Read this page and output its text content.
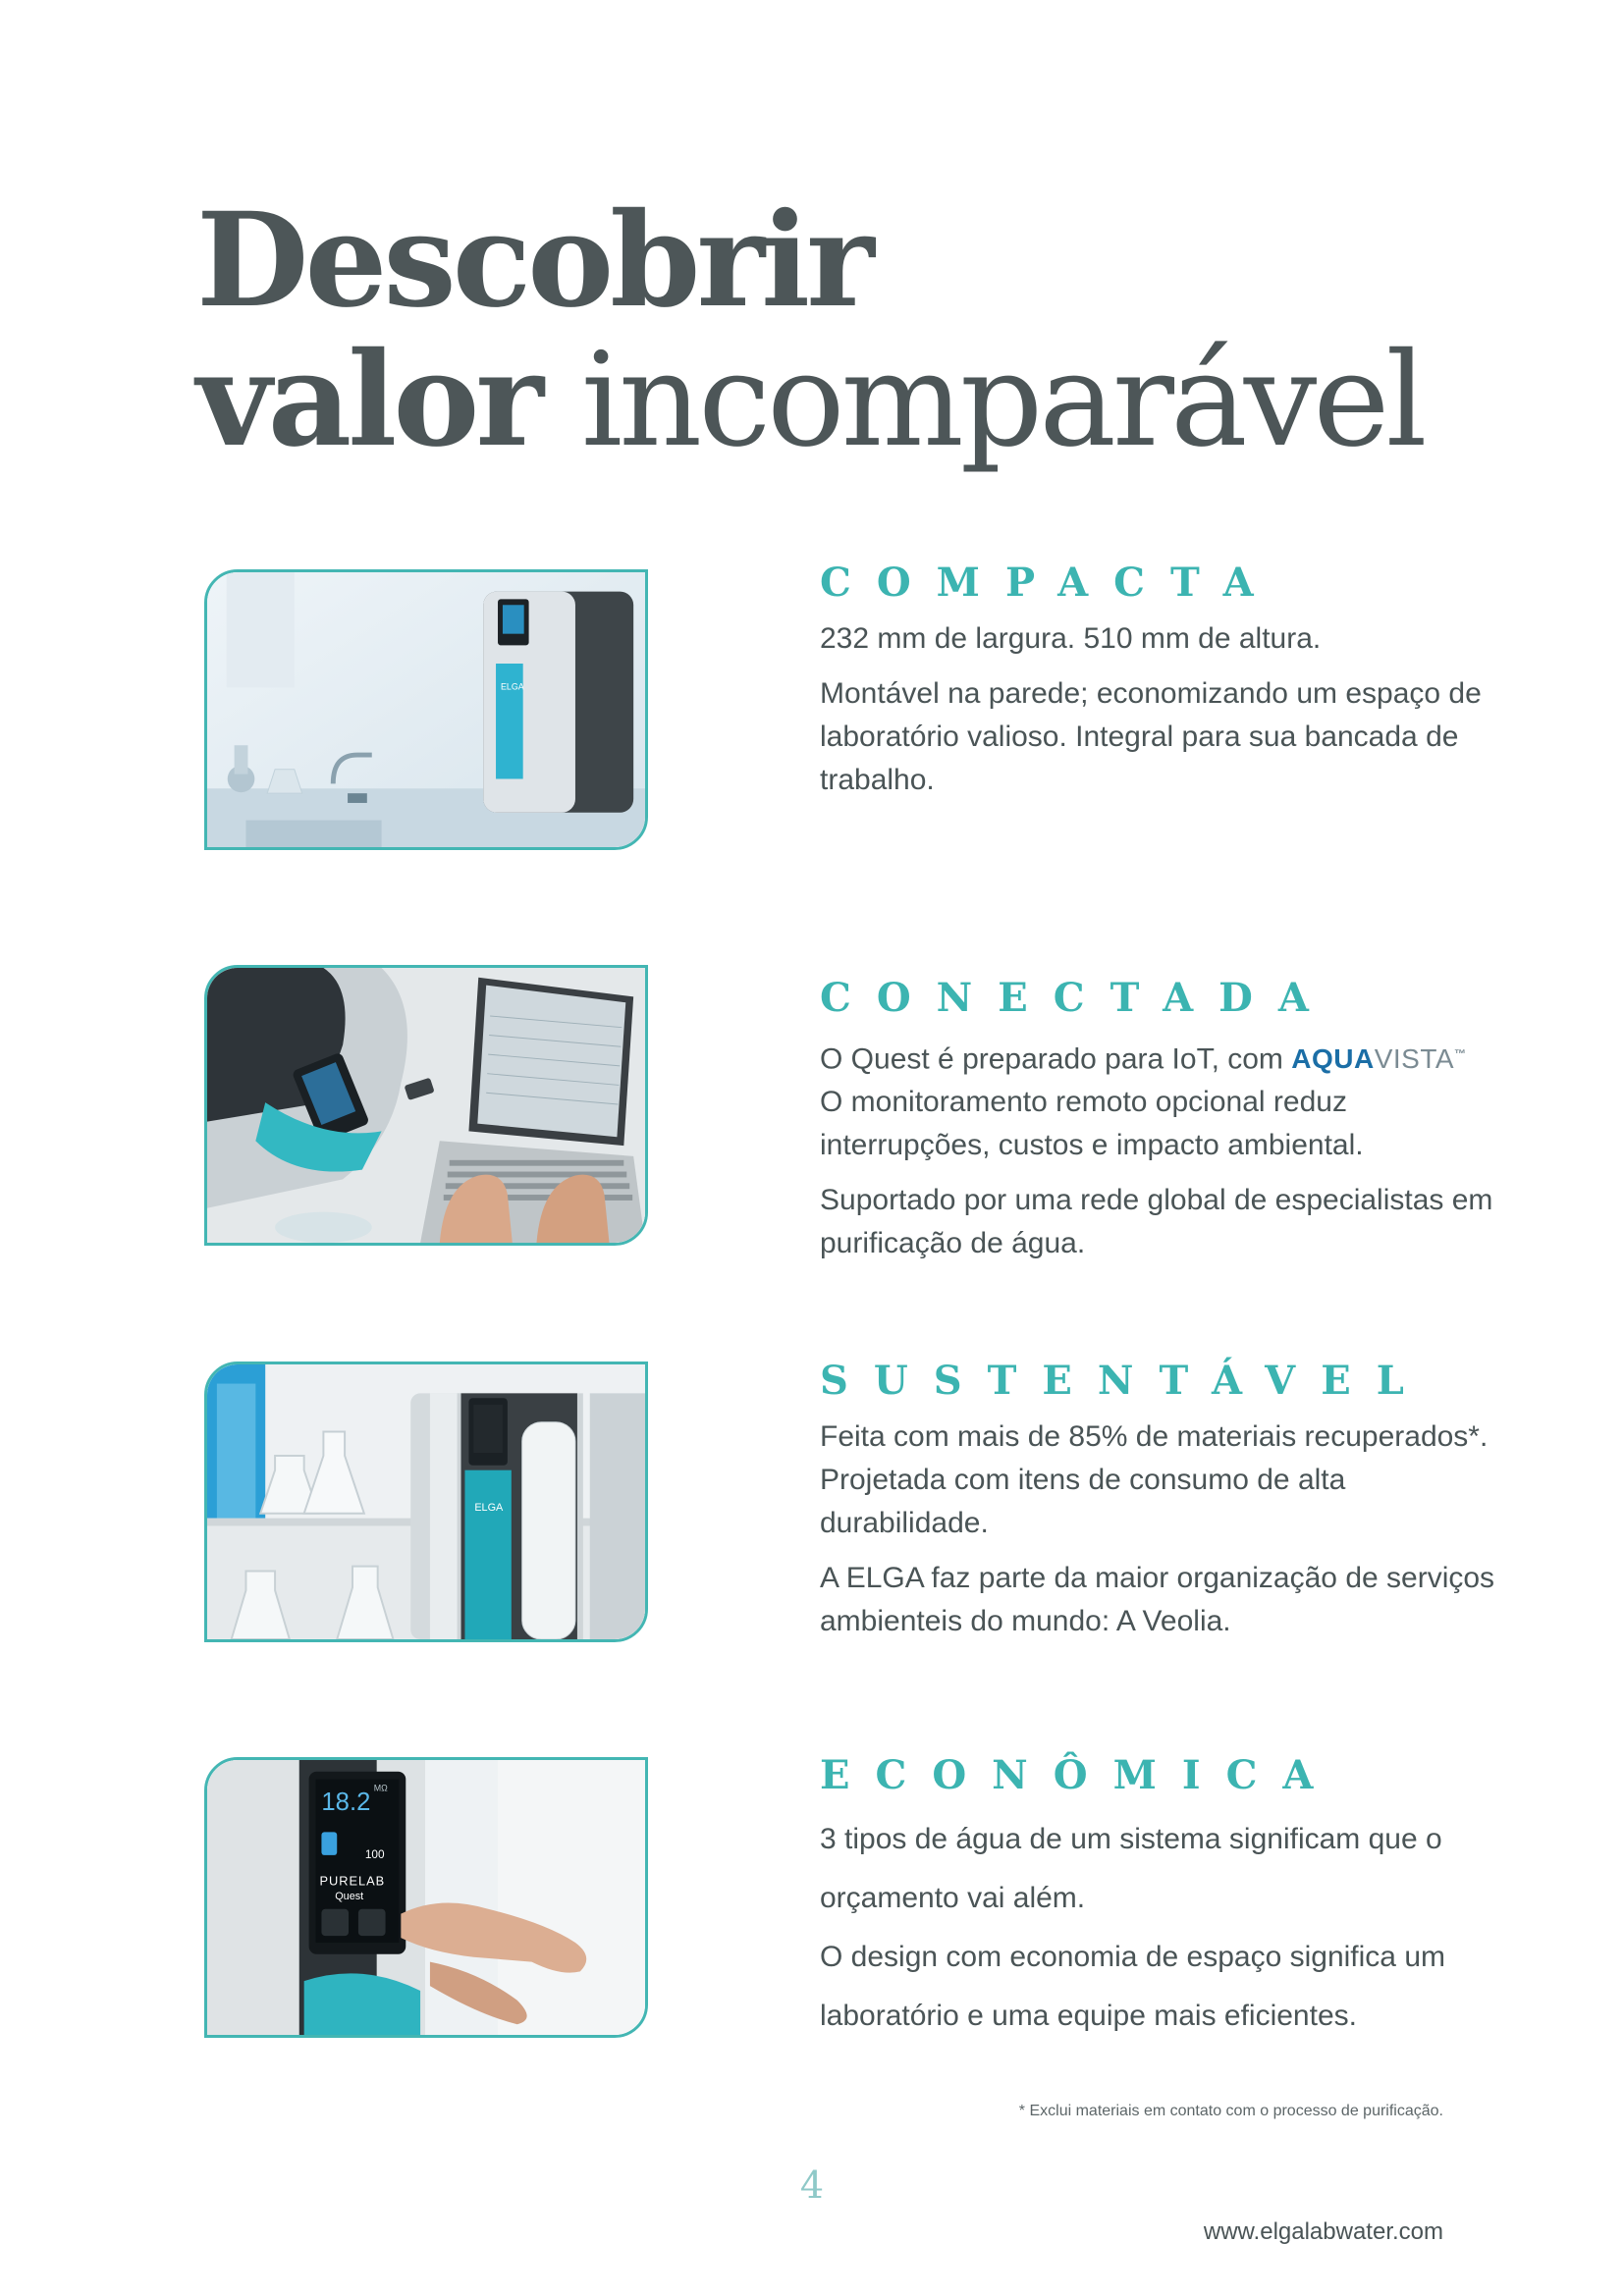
Descobrir
valor incomparável
ELGA
ELGA
18.2
MΩ
100
PURELAB
Quest
COMPACTA

232 mm de largura. 510 mm de altura.

Montável na parede; economizando um espaço de laboratório valioso. Integral para sua bancada de trabalho.

CONECTADA

O Quest é preparado para IoT, com AQUAVISTA™
O monitoramento remoto opcional reduz interrupções, custos e impacto ambiental.

Suportado por uma rede global de especialistas em purificação de água.

SUSTENTÁVEL

Feita com mais de 85% de materiais recuperados*. Projetada com itens de consumo de alta durabilidade.

A ELGA faz parte da maior organização de serviços ambienteis do mundo: A Veolia.

ECONÔMICA

3 tipos de água de um sistema significam que o orçamento vai além.

O design com economia de espaço significa um laboratório e uma equipe mais eficientes.

* Exclui materiais em contato com o processo de purificação.
4
www.elgalabwater.com
